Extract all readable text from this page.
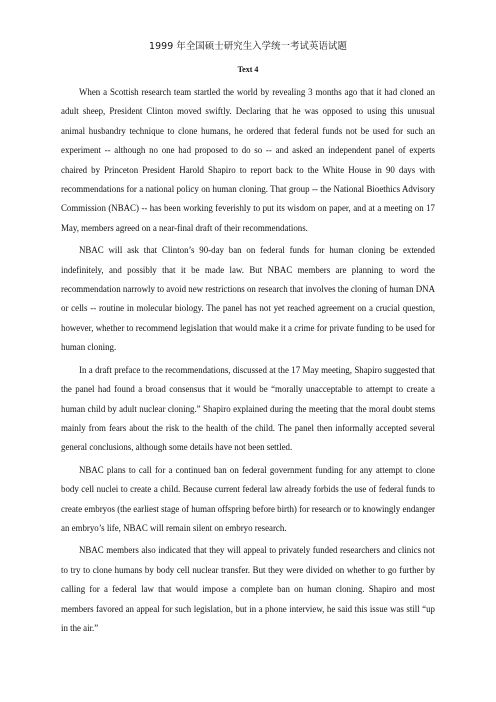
1999 年全国硕士研究生入学统一考试英语试题
Text 4

When a Scottish research team startled the world by revealing 3 months ago that it had cloned an adult sheep, President Clinton moved swiftly. Declaring that he was opposed to using this unusual animal husbandry technique to clone humans, he ordered that federal funds not be used for such an experiment -- although no one had proposed to do so -- and asked an independent panel of experts chaired by Princeton President Harold Shapiro to report back to the White House in 90 days with recommendations for a national policy on human cloning. That group -- the National Bioethics Advisory Commission (NBAC) -- has been working feverishly to put its wisdom on paper, and at a meeting on 17 May, members agreed on a near-final draft of their recommendations.

NBAC will ask that Clinton’s 90-day ban on federal funds for human cloning be extended indefinitely, and possibly that it be made law. But NBAC members are planning to word the recommendation narrowly to avoid new restrictions on research that involves the cloning of human DNA or cells -- routine in molecular biology. The panel has not yet reached agreement on a crucial question, however, whether to recommend legislation that would make it a crime for private funding to be used for human cloning.

In a draft preface to the recommendations, discussed at the 17 May meeting, Shapiro suggested that the panel had found a broad consensus that it would be “morally unacceptable to attempt to create a human child by adult nuclear cloning.” Shapiro explained during the meeting that the moral doubt stems mainly from fears about the risk to the health of the child. The panel then informally accepted several general conclusions, although some details have not been settled.

NBAC plans to call for a continued ban on federal government funding for any attempt to clone body cell nuclei to create a child. Because current federal law already forbids the use of federal funds to create embryos (the earliest stage of human offspring before birth) for research or to knowingly endanger an embryo’s life, NBAC will remain silent on embryo research.

NBAC members also indicated that they will appeal to privately funded researchers and clinics not to try to clone humans by body cell nuclear transfer. But they were divided on whether to go further by calling for a federal law that would impose a complete ban on human cloning. Shapiro and most members favored an appeal for such legislation, but in a phone interview, he said this issue was still “up in the air.”
